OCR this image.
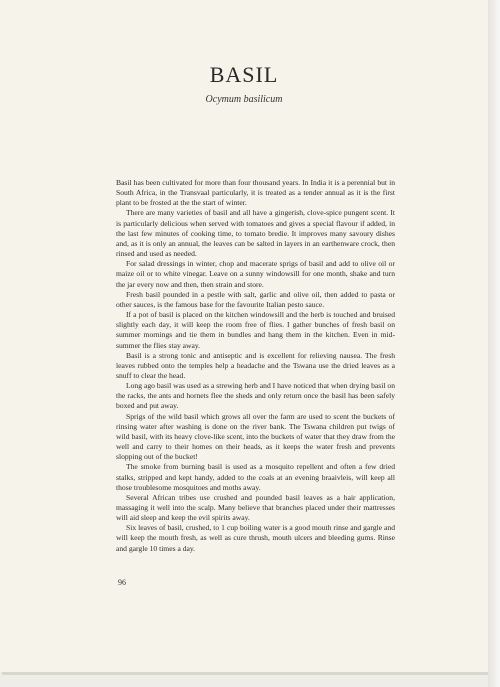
BASIL
Ocymum basilicum

Basil has been cultivated for more than four thousand years. In India it is a perennial but in South Africa, in the Transvaal particularly, it is treated as a tender annual as it is the first plant to be frosted at the the start of winter.

There are many varieties of basil and all have a gingerish, clove-spice pungent scent. It is particularly delicious when served with tomatoes and gives a special flavour if added, in the last few minutes of cooking time, to tomato bredie. It improves many savoury dishes and, as it is only an annual, the leaves can be salted in layers in an earthenware crock, then rinsed and used as needed.

For salad dressings in winter, chop and macerate sprigs of basil and add to olive oil or maize oil or to white vinegar. Leave on a sunny windowsill for one month, shake and turn the jar every now and then, then strain and store.

Fresh basil pounded in a pestle with salt, garlic and olive oil, then added to pasta or other sauces, is the famous base for the favourite Italian pesto sauce.

If a pot of basil is placed on the kitchen windowsill and the herb is touched and bruised slightly each day, it will keep the room free of flies. I gather bunches of fresh basil on summer mornings and tie them in bundles and hang them in the kitchen. Even in mid-summer the flies stay away.

Basil is a strong tonic and antiseptic and is excellent for relieving nausea. The fresh leaves rubbed onto the temples help a headache and the Tswana use the dried leaves as a snuff to clear the head.

Long ago basil was used as a strewing herb and I have noticed that when drying basil on the racks, the ants and hornets flee the sheds and only return once the basil has been safely boxed and put away.

Sprigs of the wild basil which grows all over the farm are used to scent the buckets of rinsing water after washing is done on the river bank. The Tswana children put twigs of wild basil, with its heavy clove-like scent, into the buckets of water that they draw from the well and carry to their homes on their heads, as it keeps the water fresh and prevents slopping out of the bucket!

The smoke from burning basil is used as a mosquito repellent and often a few dried stalks, stripped and kept handy, added to the coals at an evening braaivleis, will keep all those troublesome mosquitoes and moths away.

Several African tribes use crushed and pounded basil leaves as a hair application, massaging it well into the scalp. Many believe that branches placed under their mattresses will aid sleep and keep the evil spirits away.

Six leaves of basil, crushed, to 1 cup boiling water is a good mouth rinse and gargle and will keep the mouth fresh, as well as cure thrush, mouth ulcers and bleeding gums. Rinse and gargle 10 times a day.

96
